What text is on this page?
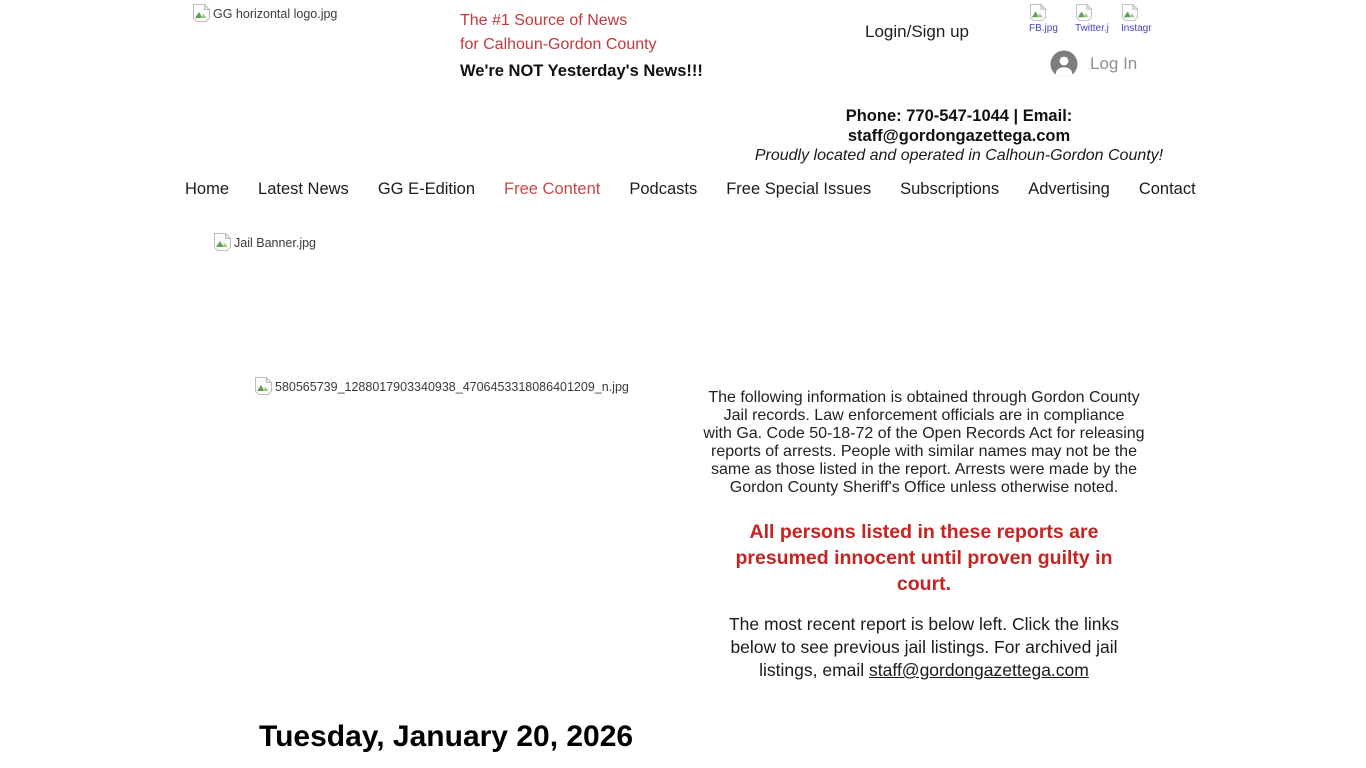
GG horizontal logo.jpg	The #1 Source of News
for Calhoun-Gordon County
We're NOT Yesterday's News!!!
Login/Sign up	FB.jpg Twitter.j Instagr
Log In
Phone: 770-547-1044 | Email:
staff@gordongazettega.com
Proudly located and operated in Calhoun-Gordon County!
Home Latest News GG E-Edition Free Content Podcasts Free Special Issues Subscriptions Advertising Contact
Jail Banner.jpg
580565739_1288017903340938_4706453318086401209_n.jpg
The following information is obtained through Gordon County
Jail records. Law enforcement officials are in compliance
with Ga. Code 50-18-72 of the Open Records Act for releasing
reports of arrests. People with similar names may not be the
same as those listed in the report. Arrests were made by the
Gordon County Sheriff's Office unless otherwise noted.
All persons listed in these reports are
presumed innocent until proven guilty in
court.
The most recent report is below left. Click the links
below to see previous jail listings. For archived jail
listings, email staff@gordongazettega.com
Tuesday, January 20, 2026
